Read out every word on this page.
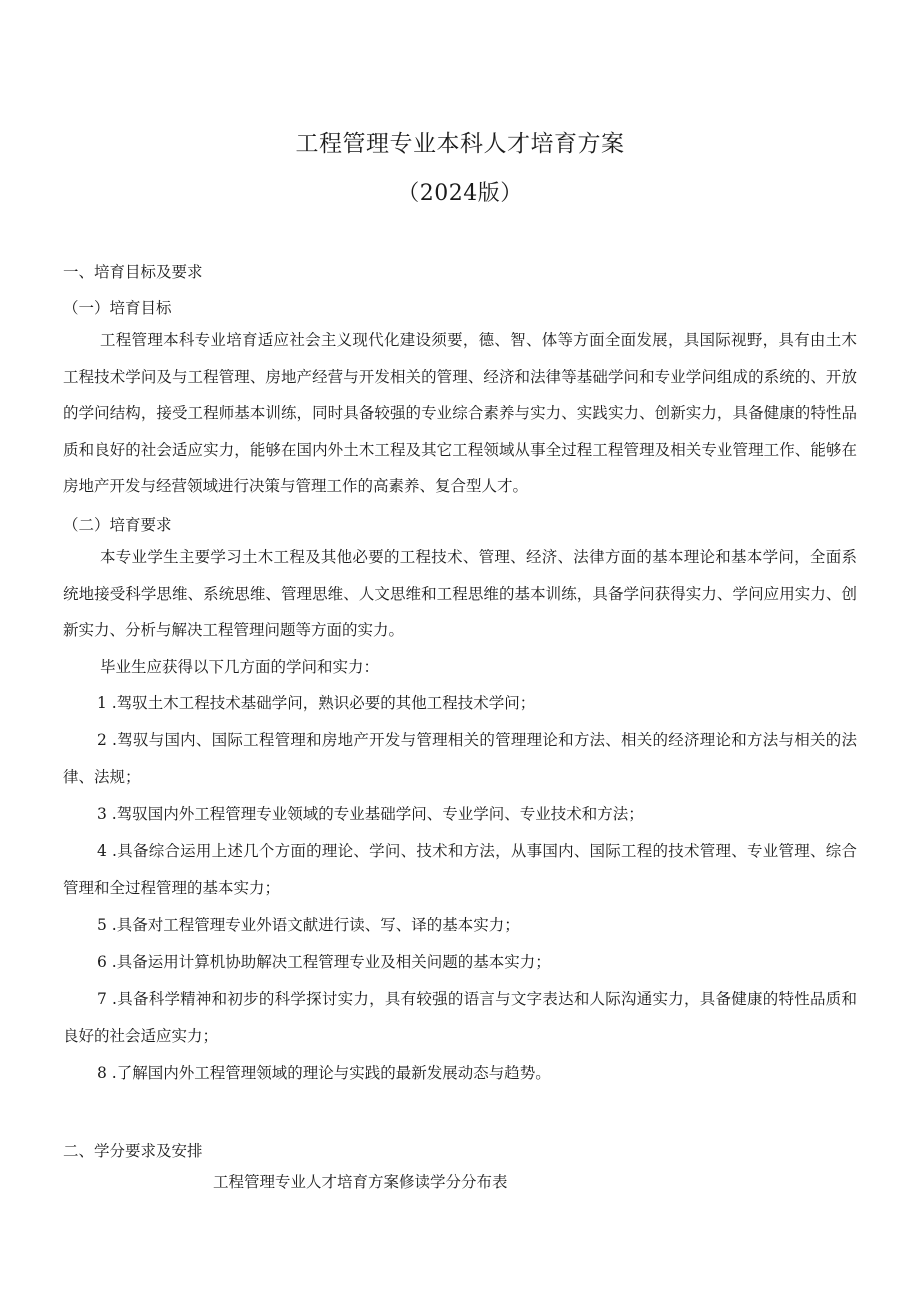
工程管理专业本科人才培育方案
（2024版）
一、培育目标及要求
（一）培育目标
工程管理本科专业培育适应社会主义现代化建设须要，德、智、体等方面全面发展，具国际视野，具有由土木工程技术学问及与工程管理、房地产经营与开发相关的管理、经济和法律等基础学问和专业学问组成的系统的、开放的学问结构，接受工程师基本训练，同时具备较强的专业综合素养与实力、实践实力、创新实力，具备健康的特性品质和良好的社会适应实力，能够在国内外土木工程及其它工程领域从事全过程工程管理及相关专业管理工作、能够在房地产开发与经营领域进行决策与管理工作的高素养、复合型人才。
（二）培育要求
本专业学生主要学习土木工程及其他必要的工程技术、管理、经济、法律方面的基本理论和基本学问，全面系统地接受科学思维、系统思维、管理思维、人文思维和工程思维的基本训练，具备学问获得实力、学问应用实力、创新实力、分析与解决工程管理问题等方面的实力。
毕业生应获得以下几方面的学问和实力：
1 .驾驭土木工程技术基础学问，熟识必要的其他工程技术学问；
2 .驾驭与国内、国际工程管理和房地产开发与管理相关的管理理论和方法、相关的经济理论和方法与相关的法律、法规；
3 .驾驭国内外工程管理专业领域的专业基础学问、专业学问、专业技术和方法；
4 .具备综合运用上述几个方面的理论、学问、技术和方法，从事国内、国际工程的技术管理、专业管理、综合管理和全过程管理的基本实力；
5 .具备对工程管理专业外语文献进行读、写、译的基本实力；
6 .具备运用计算机协助解决工程管理专业及相关问题的基本实力；
7 .具备科学精神和初步的科学探讨实力，具有较强的语言与文字表达和人际沟通实力，具备健康的特性品质和良好的社会适应实力；
8 .了解国内外工程管理领域的理论与实践的最新发展动态与趋势。
二、学分要求及安排
工程管理专业人才培育方案修读学分分布表
